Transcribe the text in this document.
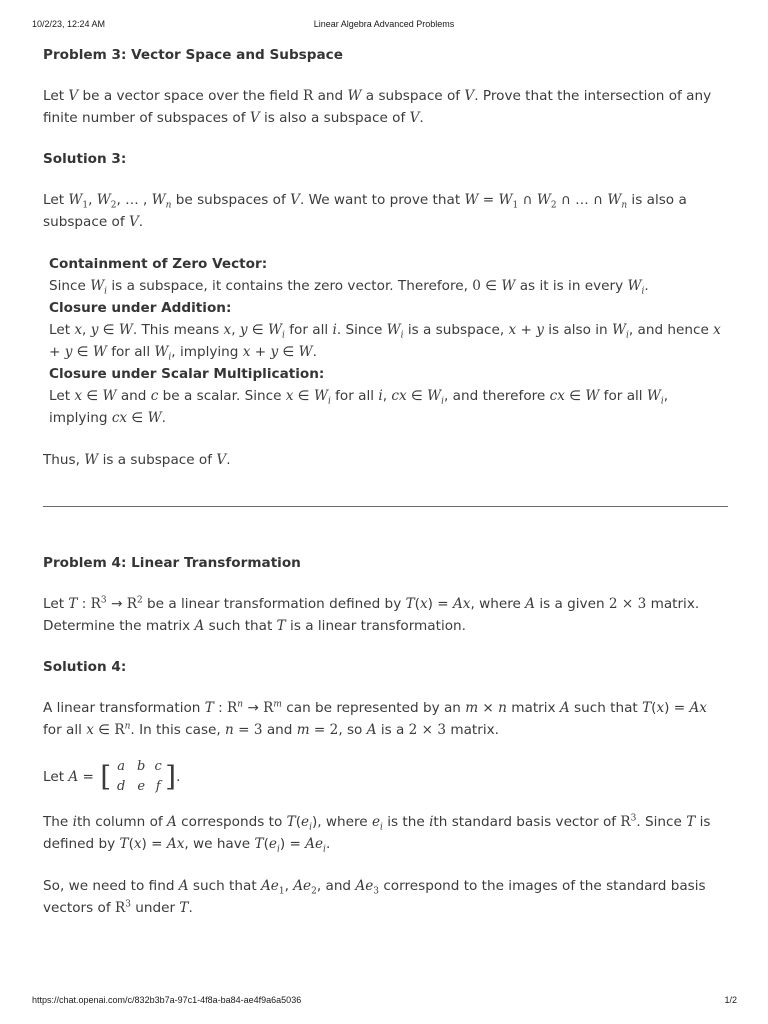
10/2/23, 12:24 AM	Linear Algebra Advanced Problems

Problem 3: Vector Space and Subspace

Let V be a vector space over the field R and W a subspace of V. Prove that the intersection of any finite number of subspaces of V is also a subspace of V.

Solution 3:

Let $W_1$, $W_2$, … , $W_n$ be subspaces of V. We want to prove that $W = W_1$ ∩ $W_2$ ∩ … ∩ $W_n$ is also a subspace of V.

Containment of Zero Vector:

Since $W_i$ is a subspace, it contains the zero vector. Therefore, 0 ∈ W as it is in every $W_i$.

Closure under Addition:

Let x, y ∈ W. This means x, y ∈ $W_i$ for all i. Since $W_i$ is a subspace, x + y is also in $W_i$, and hence x + y ∈ W for all $W_i$, implying x + y ∈ W.

Closure under Scalar Multiplication:

Let x ∈ W and c be a scalar. Since x ∈ $W_i$ for all i, cx ∈ $W_i$, and therefore cx ∈ W for all $W_i$, implying cx ∈ W.

Thus, W is a subspace of V.

Problem 4: Linear Transformation

Let T : $R^3 \to R^2$ be a linear transformation defined by T(x) = Ax, where A is a given 2 × 3 matrix. Determine the matrix A such that T is a linear transformation.

Solution 4:

A linear transformation T : $R^n \to R^m$ can be represented by an m × n matrix A such that T(x) = Ax for all x ∈ $R^n$. In this case, n = 3 and m = 2, so A is a 2 × 3 matrix.

Let A = [ a b c
d e f ].

The ith column of A corresponds to $T(e_i)$, where $e_i$ is the ith standard basis vector of $R^3$. Since T is defined by T(x) = Ax, we have $T(e_i) = Ae_i$.

So, we need to find A such that $Ae_1$, $Ae_2$, and $Ae_3$ correspond to the images of the standard basis vectors of $R^3$ under T.

https://chat.openai.com/c/832b3b7a-97c1-4f8a-ba84-ae4f9a6a5036	1/2
